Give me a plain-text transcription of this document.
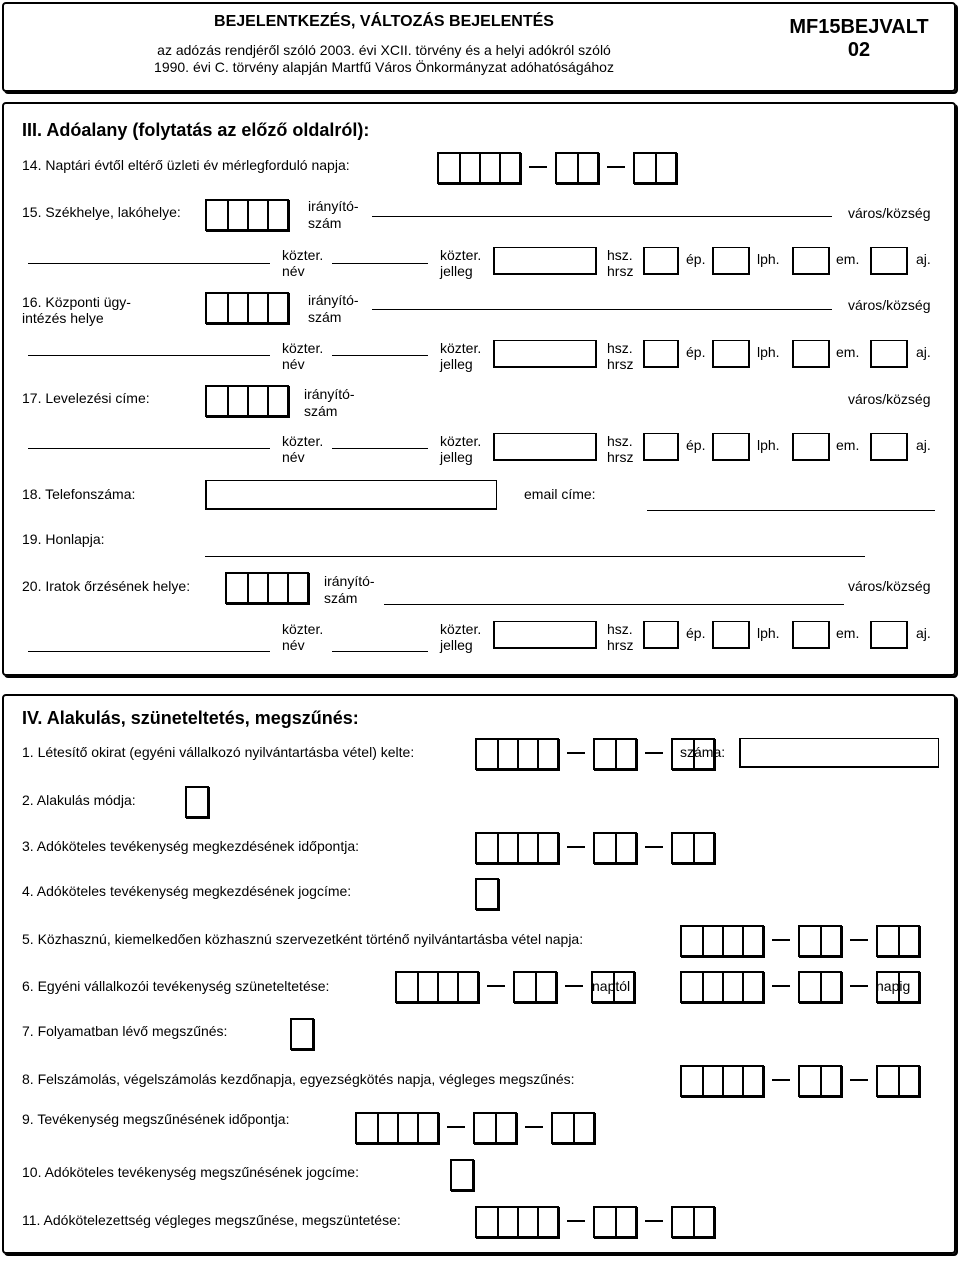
BEJELENTKEZÉS, VÁLTOZÁS BEJELENTÉS
az adózás rendjéről szóló 2003. évi XCII. törvény és a helyi adókról szóló
1990. évi C. törvény alapján Martfű Város Önkormányzat adóhatóságához
MF15BEJVALT
02
III. Adóalany (folytatás az előző oldalról):
14. Naptári évtől eltérő üzleti év mérlegforduló napja:
15. Székhelye, lakóhelye:	irányító-
szám
város/község
közter.
név
közter.
jelleg
hsz.
hrsz
ép.	lph.	em.	aj.
16. Központi ügy-
intézés helye
irányító-
szám
város/község
közter.
név
közter.
jelleg
hsz.
hrsz
ép.	lph.	em.	aj.
17. Levelezési címe:	irányító-
szám
város/község
közter.
név
közter.
jelleg
hsz.
hrsz
ép.	lph.	em.	aj.
18. Telefonszáma:	email címe:
19. Honlapja:
20. Iratok őrzésének helye:	irányító-
szám
város/község
közter.
név
közter.
jelleg
hsz.
hrsz
ép.	lph.	em.	aj.
IV. Alakulás, szüneteltetés, megszűnés:
1. Létesítő okirat (egyéni vállalkozó nyilvántartásba vétel) kelte:	száma:
2. Alakulás módja:
3. Adóköteles tevékenység megkezdésének időpontja:
4. Adóköteles tevékenység megkezdésének jogcíme:
5. Közhasznú, kiemelkedően közhasznú szervezetként történő nyilvántartásba vétel napja:
6. Egyéni vállalkozói tevékenység szüneteltetése:	naptól	napig
7. Folyamatban lévő megszűnés:
8. Felszámolás, végelszámolás kezdőnapja, egyezségkötés napja, végleges megszűnés:
9. Tevékenység megszűnésének időpontja:
10. Adóköteles tevékenység megszűnésének jogcíme:
11. Adókötelezettség végleges megszűnése, megszüntetése:
